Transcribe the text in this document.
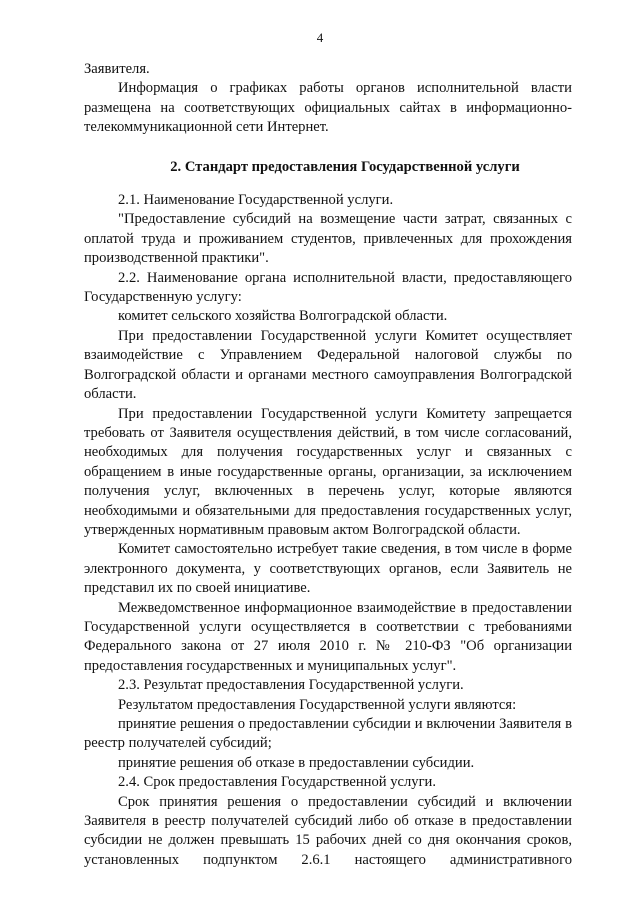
4

Заявителя.

Информация о графиках работы органов исполнительной власти размещена на соответствующих официальных сайтах в информационно-телекоммуникационной сети Интернет.

2. Стандарт предоставления Государственной услуги

2.1. Наименование Государственной услуги.

"Предоставление субсидий на возмещение части затрат, связанных с оплатой труда и проживанием студентов, привлеченных для прохождения производственной практики".

2.2. Наименование органа исполнительной власти, предоставляющего Государственную услугу:

комитет сельского хозяйства Волгоградской области.

При предоставлении Государственной услуги Комитет осуществляет взаимодействие с Управлением Федеральной налоговой службы по Волгоградской области и органами местного самоуправления Волгоградской области.

При предоставлении Государственной услуги Комитету запрещается требовать от Заявителя осуществления действий, в том числе согласований, необходимых для получения государственных услуг и связанных с обращением в иные государственные органы, организации, за исключением получения услуг, включенных в перечень услуг, которые являются необходимыми и обязательными для предоставления государственных услуг, утвержденных нормативным правовым актом Волгоградской области.

Комитет самостоятельно истребует такие сведения, в том числе в форме электронного документа, у соответствующих органов, если Заявитель не представил их по своей инициативе.

Межведомственное информационное взаимодействие в предоставлении Государственной услуги осуществляется в соответствии с требованиями Федерального закона от 27 июля 2010 г. № 210-ФЗ "Об организации предоставления государственных и муниципальных услуг".

2.3. Результат предоставления Государственной услуги.

Результатом предоставления Государственной услуги являются:

принятие решения о предоставлении субсидии и включении Заявителя в реестр получателей субсидий;

принятие решения об отказе в предоставлении субсидии.

2.4. Срок предоставления Государственной услуги.

Срок принятия решения о предоставлении субсидий и включении Заявителя в реестр получателей субсидий либо об отказе в предоставлении субсидии не должен превышать 15 рабочих дней со дня окончания сроков, установленных подпунктом 2.6.1 настоящего административного
